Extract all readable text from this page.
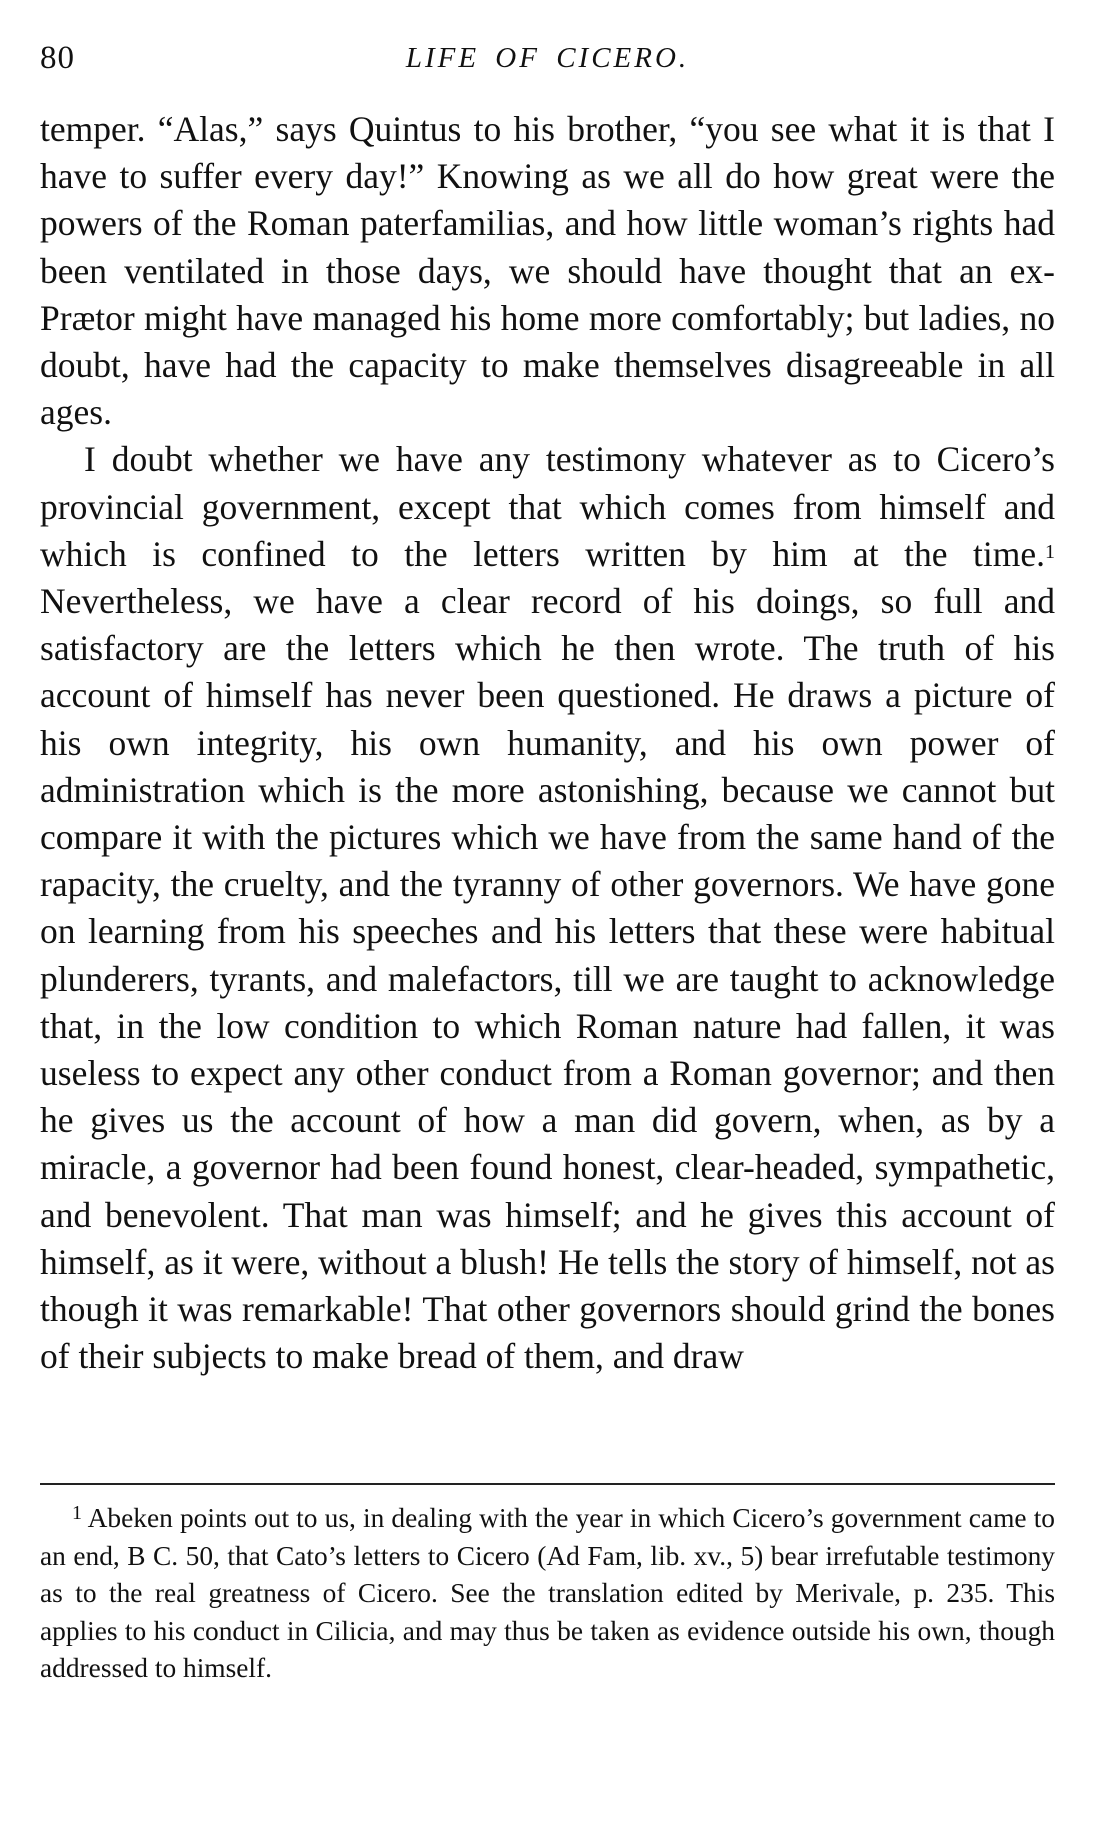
80	LIFE OF CICERO.

temper. “Alas,” says Quintus to his brother, “you see what it is that I have to suffer every day!” Knowing as we all do how great were the powers of the Roman paterfamilias, and how little woman’s rights had been ventilated in those days, we should have thought that an ex-Prætor might have managed his home more comfortably; but ladies, no doubt, have had the capacity to make themselves disagreeable in all ages.

I doubt whether we have any testimony whatever as to Cicero’s provincial government, except that which comes from himself and which is confined to the letters written by him at the time.$^1$ Nevertheless, we have a clear record of his doings, so full and satisfactory are the letters which he then wrote. The truth of his account of himself has never been questioned. He draws a picture of his own integrity, his own humanity, and his own power of administration which is the more astonishing, because we cannot but compare it with the pictures which we have from the same hand of the rapacity, the cruelty, and the tyranny of other governors. We have gone on learning from his speeches and his letters that these were habitual plunderers, tyrants, and malefactors, till we are taught to acknowledge that, in the low condition to which Roman nature had fallen, it was useless to expect any other conduct from a Roman governor; and then he gives us the account of how a man did govern, when, as by a miracle, a governor had been found honest, clear-headed, sympathetic, and benevolent. That man was himself; and he gives this account of himself, as it were, without a blush! He tells the story of himself, not as though it was remarkable! That other governors should grind the bones of their subjects to make bread of them, and draw

$^1$ Abeken points out to us, in dealing with the year in which Cicero’s government came to an end, B C. 50, that Cato’s letters to Cicero (Ad Fam, lib. xv., 5) bear irrefutable testimony as to the real greatness of Cicero. See the translation edited by Merivale, p. 235. This applies to his conduct in Cilicia, and may thus be taken as evidence outside his own, though addressed to himself.
